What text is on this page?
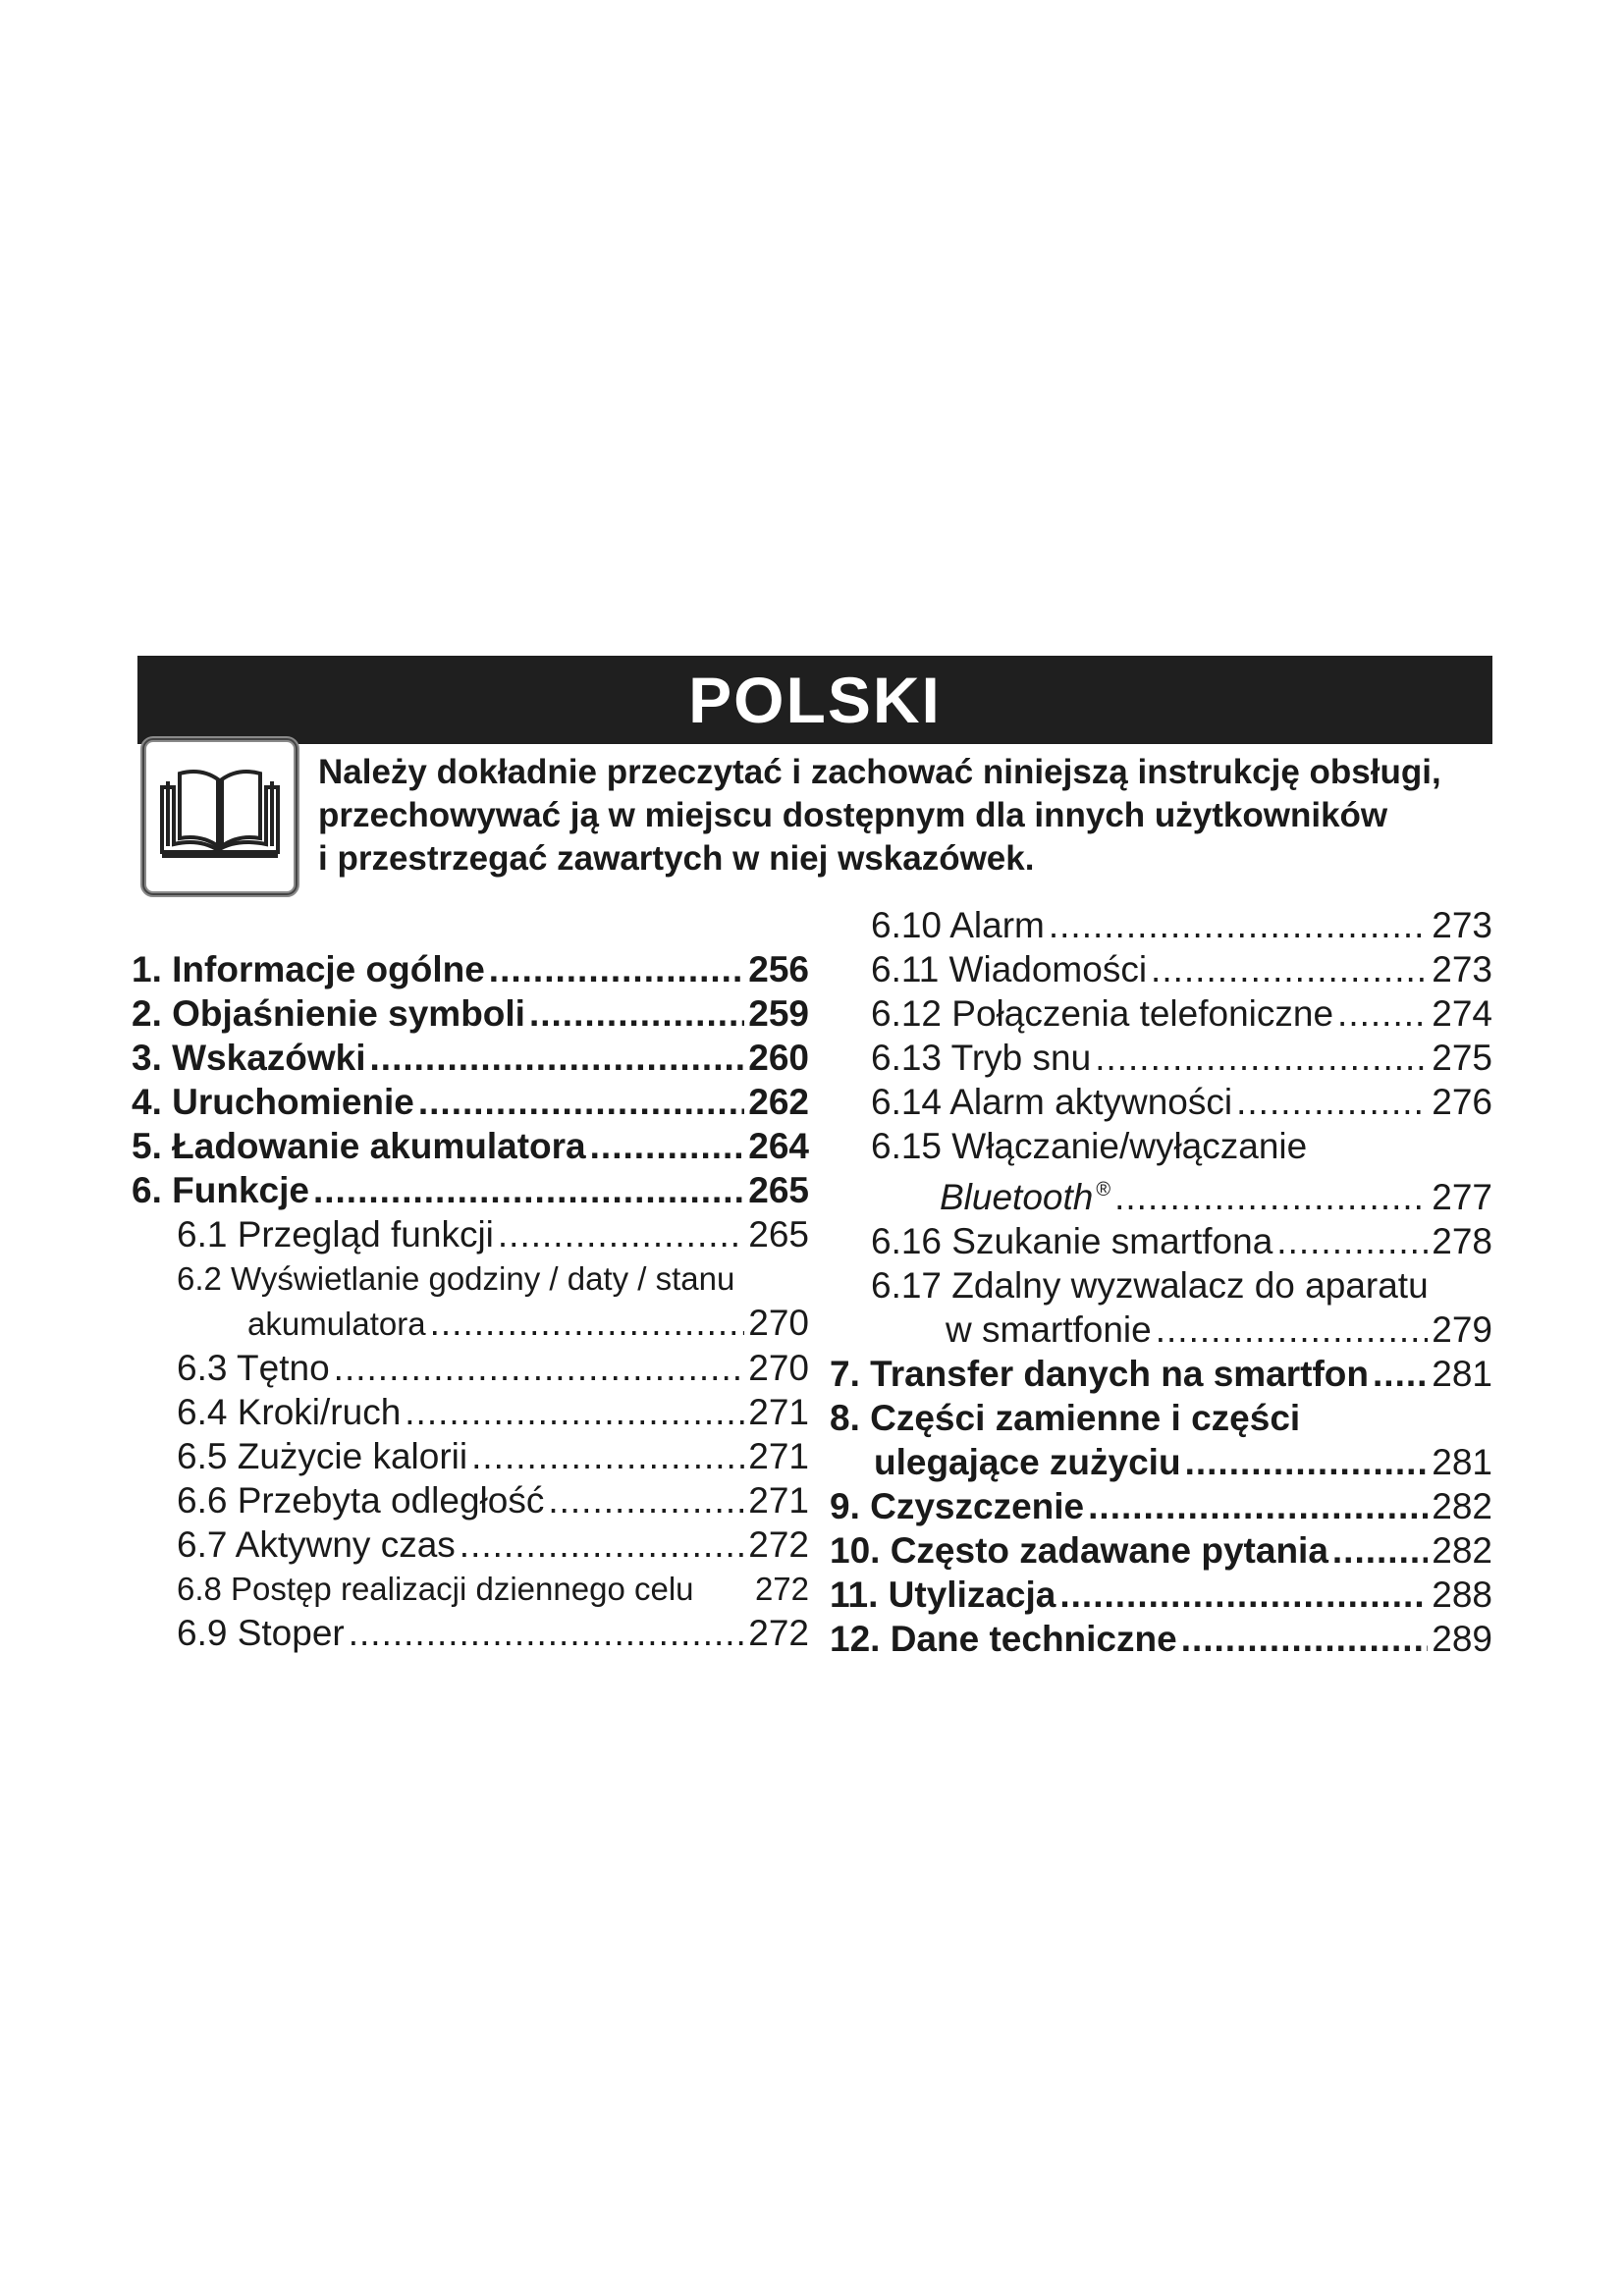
POLSKI
Należy dokładnie przeczytać i zachować niniejszą instrukcję obsługi,
przechowywać ją w miejscu dostępnym dla innych użytkowników
i przestrzegać zawartych w niej wskazówek.
1. Informacje ogólne .....	256
2. Objaśnienie symboli .....	259
3. Wskazówki .....	260
4. Uruchomienie .....	262
5. Ładowanie akumulatora .....	264
6. Funkcje .....	265
6.1 Przegląd funkcji .....	265
6.2 Wyświetlanie godziny / daty / stanu
akumulatora .....	270
6.3 Tętno .....	270
6.4 Kroki/ruch .....	271
6.5 Zużycie kalorii .....	271
6.6 Przebyta odległość .....	271
6.7 Aktywny czas .....	272
6.8 Postęp realizacji dziennego celu 272
6.9 Stoper .....	272
6.10 Alarm .....	273
6.11 Wiadomości .....	273
6.12 Połączenia telefoniczne .....	274
6.13 Tryb snu .....	275
6.14 Alarm aktywności .....	276
6.15 Włączanie/wyłączanie
Bluetooth ® .....	277
6.16 Szukanie smartfona .....	278
6.17 Zdalny wyzwalacz do aparatu
w smartfonie .....	279
7. Transfer danych na smartfon ..... 281
8. Części zamienne i części
ulegające zużyciu .....	281
9. Czyszczenie .....	282
10. Często zadawane pytania .....	282
11. Utylizacja .....	288
12. Dane techniczne .....	289
